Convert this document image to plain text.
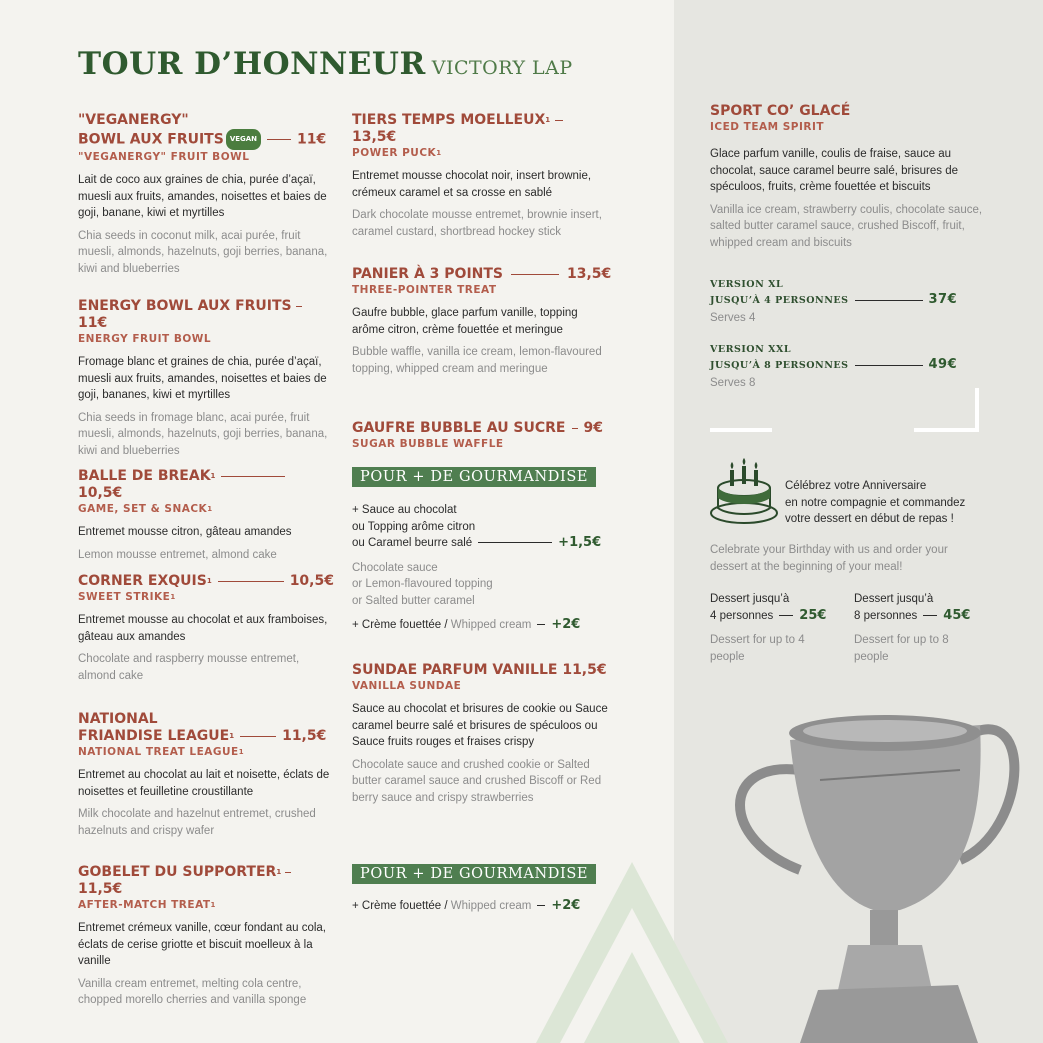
TOUR D’HONNEUR VICTORY LAP
"VEGANERGY"
BOWL AUX FRUITS VEGAN	11€
"VEGANERGY" FRUIT BOWL
Lait de coco aux graines de chia, purée d’açaï, muesli aux fruits, amandes, noisettes et baies de goji, banane, kiwi et myrtilles
Chia seeds in coconut milk, acai purée, fruit muesli, almonds, hazelnuts, goji berries, banana, kiwi and blueberries
ENERGY BOWL AUX FRUITS11€
ENERGY FRUIT BOWL
Fromage blanc et graines de chia, purée d’açaï, muesli aux fruits, amandes, noisettes et baies de goji, bananes, kiwi et myrtilles
Chia seeds in fromage blanc, acai purée, fruit muesli, almonds, hazelnuts, goji berries, banana, kiwi and blueberries
BALLE DE BREAK$^1$10,5€
GAME, SET & SNACK$^1$
Entremet mousse citron, gâteau amandes
Lemon mousse entremet, almond cake
CORNER EXQUIS$^1$	10,5€
SWEET STRIKE$^1$
Entremet mousse au chocolat et aux framboises, gâteau aux amandes
Chocolate and raspberry mousse entremet, almond cake
NATIONAL
FRIANDISE LEAGUE$^1$	11,5€
NATIONAL TREAT LEAGUE$^1$
Entremet au chocolat au lait et noisette, éclats de noisettes et feuilletine croustillante
Milk chocolate and hazelnut entremet, crushed hazelnuts and crispy wafer
GOBELET DU SUPPORTER$^1$11,5€
AFTER-MATCH TREAT$^1$
Entremet crémeux vanille, cœur fondant au cola, éclats de cerise griotte et biscuit moelleux à la vanille
Vanilla cream entremet, melting cola centre, chopped morello cherries and vanilla sponge
TIERS TEMPS MOELLEUX$^1$13,5€
POWER PUCK$^1$
Entremet mousse chocolat noir, insert brownie, crémeux caramel et sa crosse en sablé
Dark chocolate mousse entremet, brownie insert, caramel custard, shortbread hockey stick
PANIER À 3 POINTS	13,5€
THREE-POINTER TREAT
Gaufre bubble, glace parfum vanille, topping arôme citron, crème fouettée et meringue
Bubble waffle, vanilla ice cream, lemon-flavoured topping, whipped cream and meringue
GAUFRE BUBBLE AU SUCRE 9€
SUGAR BUBBLE WAFFLE
POUR + DE GOURMANDISE
+ Sauce au chocolat
ou Topping arôme citron
ou Caramel beurre salé	+1,5€
Chocolate sauce
or Lemon-flavoured topping
or Salted butter caramel
+ Crème fouettée / Whipped cream +2€
SUNDAE PARFUM VANILLE 11,5€
VANILLA SUNDAE
Sauce au chocolat et brisures de cookie ou Sauce caramel beurre salé et brisures de spéculoos ou Sauce fruits rouges et fraises crispy
Chocolate sauce and crushed cookie or Salted butter caramel sauce and crushed Biscoff or Red berry sauce and crispy strawberries
POUR + DE GOURMANDISE
+ Crème fouettée / Whipped cream +2€
SPORT CO’ GLACÉ
ICED TEAM SPIRIT
Glace parfum vanille, coulis de fraise, sauce au chocolat, sauce caramel beurre salé, brisures de spéculoos, fruits, crème fouettée et biscuits
Vanilla ice cream, strawberry coulis, chocolate sauce, salted butter caramel sauce, crushed Biscoff, fruit, whipped cream and biscuits
VERSION XL
JUSQU’À 4 PERSONNES	37€
Serves 4
VERSION XXL
JUSQU’À 8 PERSONNES	49€
Serves 8
Célébrez votre Anniversaire
en notre compagnie et commandez
votre dessert en début de repas !
Celebrate your Birthday with us and order your dessert at the beginning of your meal!
Dessert jusqu’à
4 personnes 25€
Dessert for up to 4 people
Dessert jusqu’à
8 personnes 45€
Dessert for up to 8 people
